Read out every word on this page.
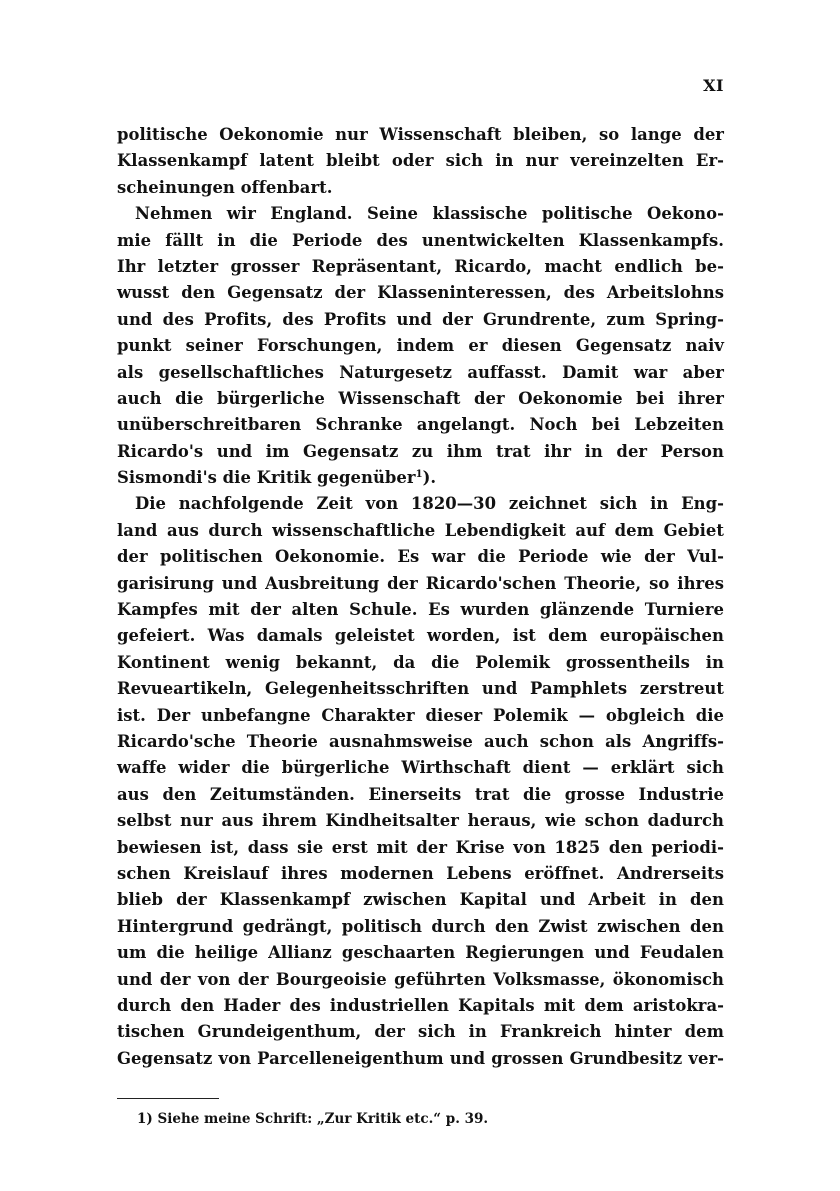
XI
politische Oekonomie nur Wissenschaft bleiben, so lange der
Klassenkampf latent bleibt oder sich in nur vereinzelten Er-
scheinungen offenbart.
Nehmen wir England. Seine klassische politische Oekono-
mie fällt in die Periode des unentwickelten Klassenkampfs.
Ihr letzter grosser Repräsentant, Ricardo, macht endlich be-
wusst den Gegensatz der Klasseninteressen, des Arbeitslohns
und des Profits, des Profits und der Grundrente, zum Spring-
punkt seiner Forschungen, indem er diesen Gegensatz naiv
als gesellschaftliches Naturgesetz auffasst. Damit war aber
auch die bürgerliche Wissenschaft der Oekonomie bei ihrer
unüberschreitbaren Schranke angelangt. Noch bei Lebzeiten
Ricardo's und im Gegensatz zu ihm trat ihr in der Person
Sismondi's die Kritik gegenüber$^1$).
Die nachfolgende Zeit von 1820—30 zeichnet sich in Eng-
land aus durch wissenschaftliche Lebendigkeit auf dem Gebiet
der politischen Oekonomie. Es war die Periode wie der Vul-
garisirung und Ausbreitung der Ricardo'schen Theorie, so ihres
Kampfes mit der alten Schule. Es wurden glänzende Turniere
gefeiert. Was damals geleistet worden, ist dem europäischen
Kontinent wenig bekannt, da die Polemik grossentheils in
Revueartikeln, Gelegenheitsschriften und Pamphlets zerstreut
ist. Der unbefangne Charakter dieser Polemik — obgleich die
Ricardo'sche Theorie ausnahmsweise auch schon als Angriffs-
waffe wider die bürgerliche Wirthschaft dient — erklärt sich
aus den Zeitumständen. Einerseits trat die grosse Industrie
selbst nur aus ihrem Kindheitsalter heraus, wie schon dadurch
bewiesen ist, dass sie erst mit der Krise von 1825 den periodi-
schen Kreislauf ihres modernen Lebens eröffnet. Andrerseits
blieb der Klassenkampf zwischen Kapital und Arbeit in den
Hintergrund gedrängt, politisch durch den Zwist zwischen den
um die heilige Allianz geschaarten Regierungen und Feudalen
und der von der Bourgeoisie geführten Volksmasse, ökonomisch
durch den Hader des industriellen Kapitals mit dem aristokra-
tischen Grundeigenthum, der sich in Frankreich hinter dem
Gegensatz von Parcelleneigenthum und grossen Grundbesitz ver-
1) Siehe meine Schrift: „Zur Kritik etc.“ p. 39.
